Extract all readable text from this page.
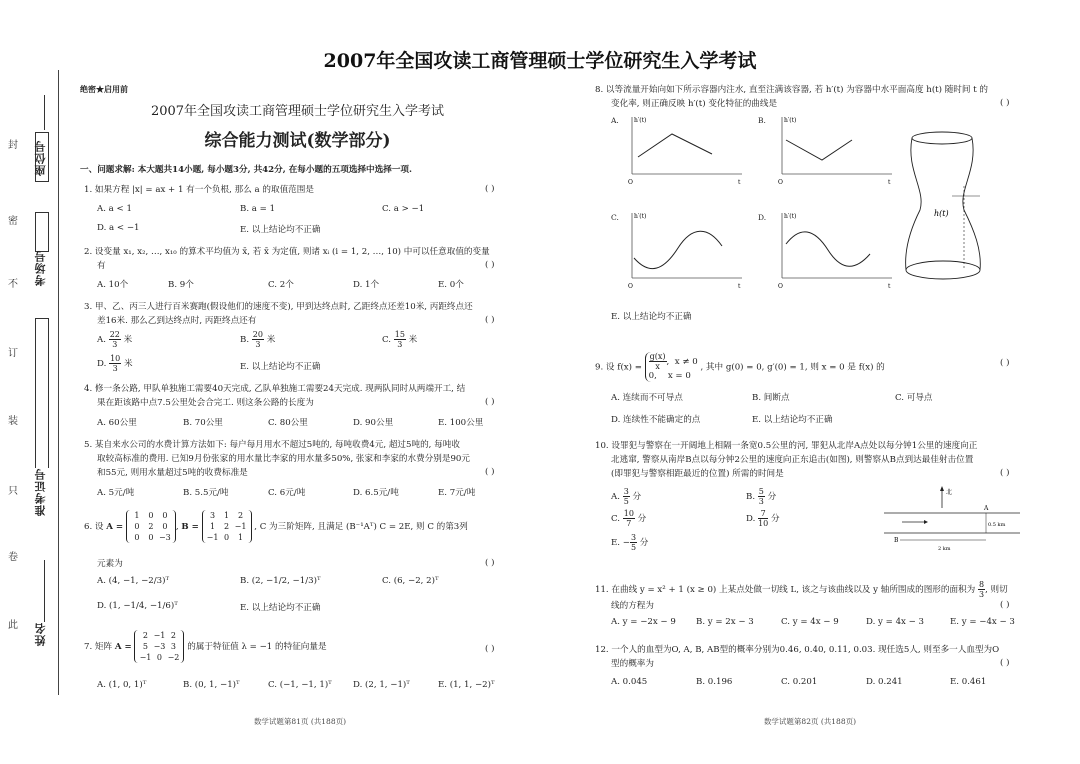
2007年全国攻读工商管理硕士学位研究生入学考试
封
密
不
订
装
只
卷
此
座位号
考场号
准考证号
姓名
绝密★启用前
2007年全国攻读工商管理硕士学位研究生入学考试
综合能力测试(数学部分)
一、问题求解: 本大题共14小题, 每小题3分, 共42分, 在每小题的五项选择中选择一项.
1. 如果方程 |x| = ax + 1 有一个负根, 那么 a 的取值范围是	( )
A. a < 1	B. a = 1	C. a > −1
D. a < −1	E. 以上结论均不正确
2. 设变量 x₁, x₂, …, x₁₀ 的算术平均值为 x̄, 若 x̄ 为定值, 则诸 xᵢ (i = 1, 2, …, 10) 中可以任意取值的变量
有	( )
A. 10个	B. 9个	C. 2个	D. 1个	E. 0个
3. 甲、乙、丙三人进行百米赛跑(假设他们的速度不变), 甲到达终点时, 乙距终点还差10米, 丙距终点还
差16米. 那么乙到达终点时, 丙距终点还有	( )
A. $\frac{22}{3}$ 米	B. $\frac{20}{3}$ 米	C. $\frac{15}{3}$ 米
D. $\frac{10}{3}$ 米	E. 以上结论均不正确
4. 修一条公路, 甲队单独施工需要40天完成, 乙队单独施工需要24天完成. 现两队同时从两端开工, 结
果在距该路中点7.5公里处会合完工. 则这条公路的长度为	( )
A. 60公里	B. 70公里	C. 80公里	D. 90公里	E. 100公里
5. 某自来水公司的水费计算方法如下: 每户每月用水不超过5吨的, 每吨收费4元, 超过5吨的, 每吨收
取较高标准的费用. 已知9月份张家的用水量比李家的用水量多50%, 张家和李家的水费分别是90元
和55元, 则用水量超过5吨的收费标准是	( )
A. 5元/吨	B. 5.5元/吨	C. 6元/吨	D. 6.5元/吨	E. 7元/吨
6. 设 A =
1 0 0
0 2 0
0 0 −3
, B =
3 1 2
1 2 −1
−1 0 1
, C 为三阶矩阵, 且满足 (B⁻¹Aᵀ) C = 2E, 则 C 的第3列
元素为	( )
A. (4, −1, −2/3)ᵀ	B. (2, −1/2, −1/3)ᵀ	C. (6, −2, 2)ᵀ
D. (1, −1/4, −1/6)ᵀ	E. 以上结论均不正确
7. 矩阵 A =
2 −1 2
5 −3 3
−1 0 −2
的属于特征值 λ = −1 的特征向量是	( )
A. (1, 0, 1)ᵀ	B. (0, 1, −1)ᵀ	C. (−1, −1, 1)ᵀ D. (2, 1, −1)ᵀ	E. (1, 1, −2)ᵀ
数学试题第81页 (共188页)
8. 以等流量开始向如下所示容器内注水, 直至注满该容器, 若 h′(t) 为容器中水平面高度 h(t) 随时间 t 的
变化率, 则正确反映 h′(t) 变化特征的曲线是	( )
A.	B.
C.	D.
h′(t)
O	t
h′(t)
O	t
h′(t)
O	t
h′(t)
O	t
h(t)
E. 以上结论均不正确
9. 设 $f(x) = \frac{g(x)}{x}$ ,  x ≠ 0
0, x = 0
, 其中 g(0) = 0, g′(0) = 1, 则 x = 0 是 f(x) 的	( )
A. 连续而不可导点	B. 间断点	C. 可导点
D. 连续性不能确定的点	E. 以上结论均不正确
10. 设罪犯与警察在一开阔地上相隔一条宽0.5公里的河, 罪犯从北岸A点处以每分钟1公里的速度向正
北逃窜, 警察从南岸B点以每分钟2公里的速度向正东追击(如图), 则警察从B点到达最佳射击位置
(即罪犯与警察相距最近的位置) 所需的时间是	( )
A. $\frac{3}{5}$ 分	B. $\frac{5}{3}$ 分
C. $\frac{10}{7}$ 分	D. $\frac{7}{10}$ 分
E. − $\frac{3}{5}$ 分
北
A
B
0.5 km
2 km
11. 在曲线 y = x² + 1 (x ≥ 0) 上某点处做一切线 L, 该之与该曲线以及 y 轴所围成的图形的面积为 $\frac{8}{3}$ , 则切
线的方程为	( )
A. y = −2x − 9 B. y = 2x − 3	C. y = 4x − 9	D. y = 4x − 3	E. y = −4x − 3
12. 一个人的血型为O, A, B, AB型的概率分别为0.46, 0.40, 0.11, 0.03. 现任选5人, 则至多一人血型为O
型的概率为	( )
A. 0.045	B. 0.196	C. 0.201	D. 0.241	E. 0.461
数学试题第82页 (共188页)
